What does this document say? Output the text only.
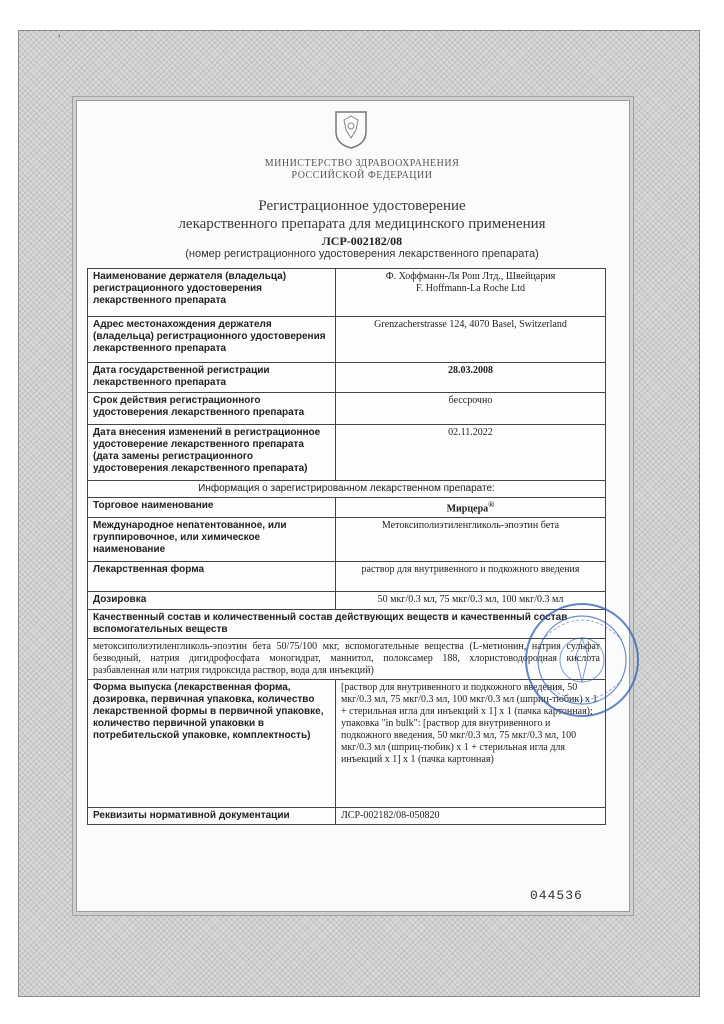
,
МИНИСТЕРСТВО ЗДРАВООХРАНЕНИЯ
РОССИЙСКОЙ ФЕДЕРАЦИИ
Регистрационное удостоверение
лекарственного препарата для медицинского применения
ЛСР-002182/08
(номер регистрационного удостоверения лекарственного препарата)
Наименование держателя (владельца) регистрационного удостоверения лекарственного препарата	Ф. Хоффманн-Ля Рош Лтд., Швейцария
F. Hoffmann-La Roche Ltd

Адрес местонахождения держателя (владельца) регистрационного удостоверения лекарственного препарата	Grenzacherstrasse 124, 4070 Basel, Switzerland
Дата государственной регистрации лекарственного препарата	28.03.2008
Срок действия регистрационного удостоверения лекарственного препарата	бессрочно
Дата внесения изменений в регистрационное удостоверение лекарственного препарата (дата замены регистрационного удостоверения лекарственного препарата)	02.11.2022
Информация о зарегистрированном лекарственном препарате:	
Торговое наименование	Мирцера®
Международное непатентованное, или группировочное, или химическое наименование	Метоксиполиэтиленгликоль-эпоэтин бета
Лекарственная форма	раствор для внутривенного и подкожного введения
Дозировка	50 мкг/0.3 мл, 75 мкг/0.3 мл, 100 мкг/0.3 мл
Качественный состав и количественный состав действующих веществ и качественный состав вспомогательных веществ	
метоксиполиэтиленгликоль-эпоэтин бета 50/75/100 мкг, вспомогательные вещества (L-метионин, натрия сульфат безводный, натрия дигидрофосфата моногидрат, маннитол, полоксамер 188, хлористоводородная кислота разбавленная или натрия гидроксида раствор, вода для инъекций)	
Форма выпуска (лекарственная форма, дозировка, первичная упаковка, количество лекарственной формы в первичной упаковке, количество первичной упаковки в потребительской упаковке, комплектность)	[раствор для внутривенного и подкожного введения, 50 мкг/0.3 мл, 75 мкг/0.3 мл, 100 мкг/0.3 мл (шприц-тюбик) x 1 + стерильная игла для инъекций x 1] x 1 (пачка картонная); упаковка "in bulk": [раствор для внутривенного и подкожного введения, 50 мкг/0.3 мл, 75 мкг/0.3 мл, 100 мкг/0.3 мл (шприц-тюбик) x 1 + стерильная игла для инъекций x 1] x 1 (пачка картонная)
Реквизиты нормативной документации	ЛСР-002182/08-050820
044536
